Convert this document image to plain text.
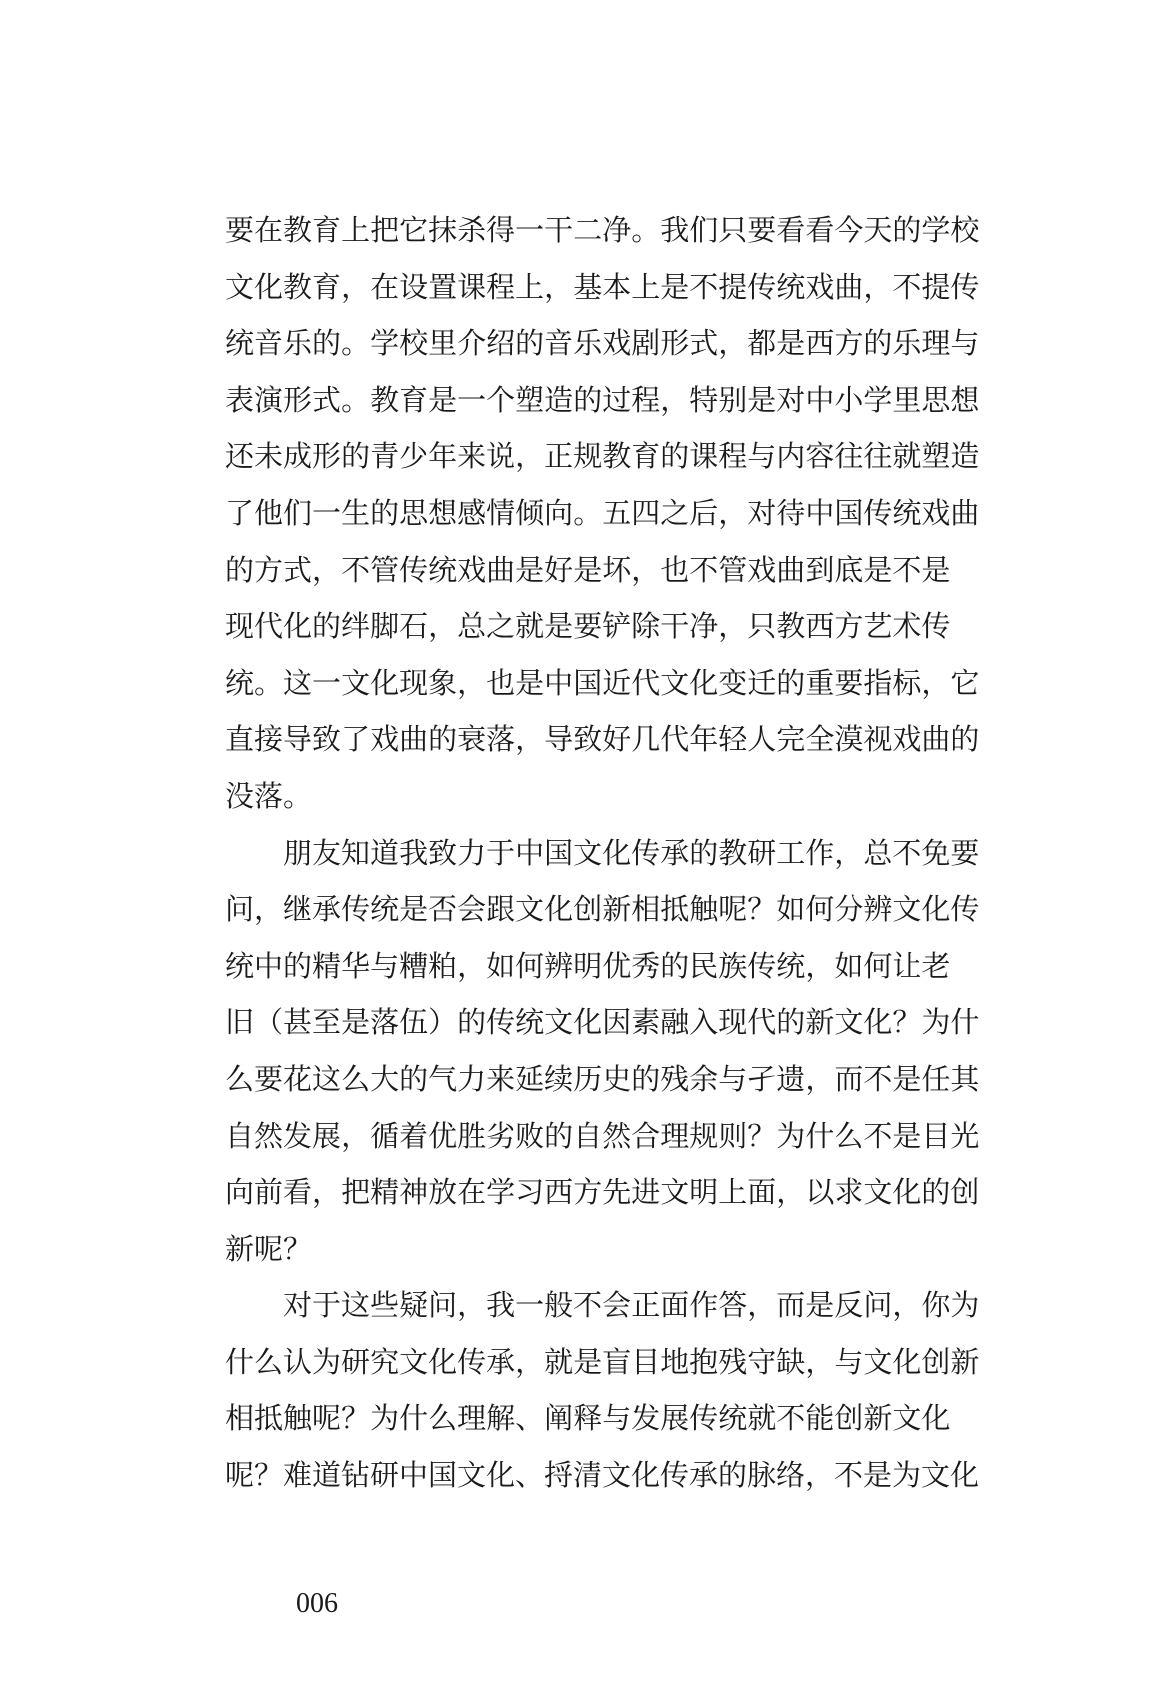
要 在 教 育 上 把 它 抹 杀 得 一 干 二 净 。 我 们 只 要 看 看 今 天 的 学 校
文 化 教 育 ， 在 设 置 课 程 上 ， 基 本 上 是 不 提 传 统 戏 曲 ， 不 提 传
统 音 乐 的 。 学 校 里 介 绍 的 音 乐 戏 剧 形 式 ， 都 是 西 方 的 乐 理 与
表 演 形 式 。 教 育 是 一 个 塑 造 的 过 程 ， 特 别 是 对 中 小 学 里 思 想
还 未 成 形 的 青 少 年 来 说 ， 正 规 教 育 的 课 程 与 内 容 往 往 就 塑 造
了 他 们 一 生 的 思 想 感 情 倾 向 。 五 四 之 后 ， 对 待 中 国 传 统 戏 曲
的 方 式 ， 不 管 传 统 戏 曲 是 好 是 坏 ， 也 不 管 戏 曲 到 底 是 不 是
现 代 化 的 绊 脚 石 ， 总 之 就 是 要 铲 除 干 净 ， 只 教 西 方 艺 术 传
统 。 这 一 文 化 现 象 ， 也 是 中 国 近 代 文 化 变 迁 的 重 要 指 标 ， 它
直 接 导 致 了 戏 曲 的 衰 落 ， 导 致 好 几 代 年 轻 人 完 全 漠 视 戏 曲 的
没落。
朋 友 知 道 我 致 力 于 中 国 文 化 传 承 的 教 研 工 作 ， 总 不 免 要
问 ， 继 承 传 统 是 否 会 跟 文 化 创 新 相 抵 触 呢 ？ 如 何 分 辨 文 化 传
统 中 的 精 华 与 糟 粕 ， 如 何 辨 明 优 秀 的 民 族 传 统 ， 如 何 让 老
旧 （ 甚 至 是 落 伍 ） 的 传 统 文 化 因 素 融 入 现 代 的 新 文 化 ？ 为 什
么 要 花 这 么 大 的 气 力 来 延 续 历 史 的 残 余 与 孑 遗 ， 而 不 是 任 其
自 然 发 展 ， 循 着 优 胜 劣 败 的 自 然 合 理 规 则 ？ 为 什 么 不 是 目 光
向 前 看 ， 把 精 神 放 在 学 习 西 方 先 进 文 明 上 面 ， 以 求 文 化 的 创
新呢？
对 于 这 些 疑 问 ， 我 一 般 不 会 正 面 作 答 ， 而 是 反 问 ， 你 为
什 么 认 为 研 究 文 化 传 承 ， 就 是 盲 目 地 抱 残 守 缺 ， 与 文 化 创 新
相 抵 触 呢 ？ 为 什 么 理 解 、 阐 释 与 发 展 传 统 就 不 能 创 新 文 化
呢？难道钻研中国文化、捋清文化传承的脉络，不是为文化
006
